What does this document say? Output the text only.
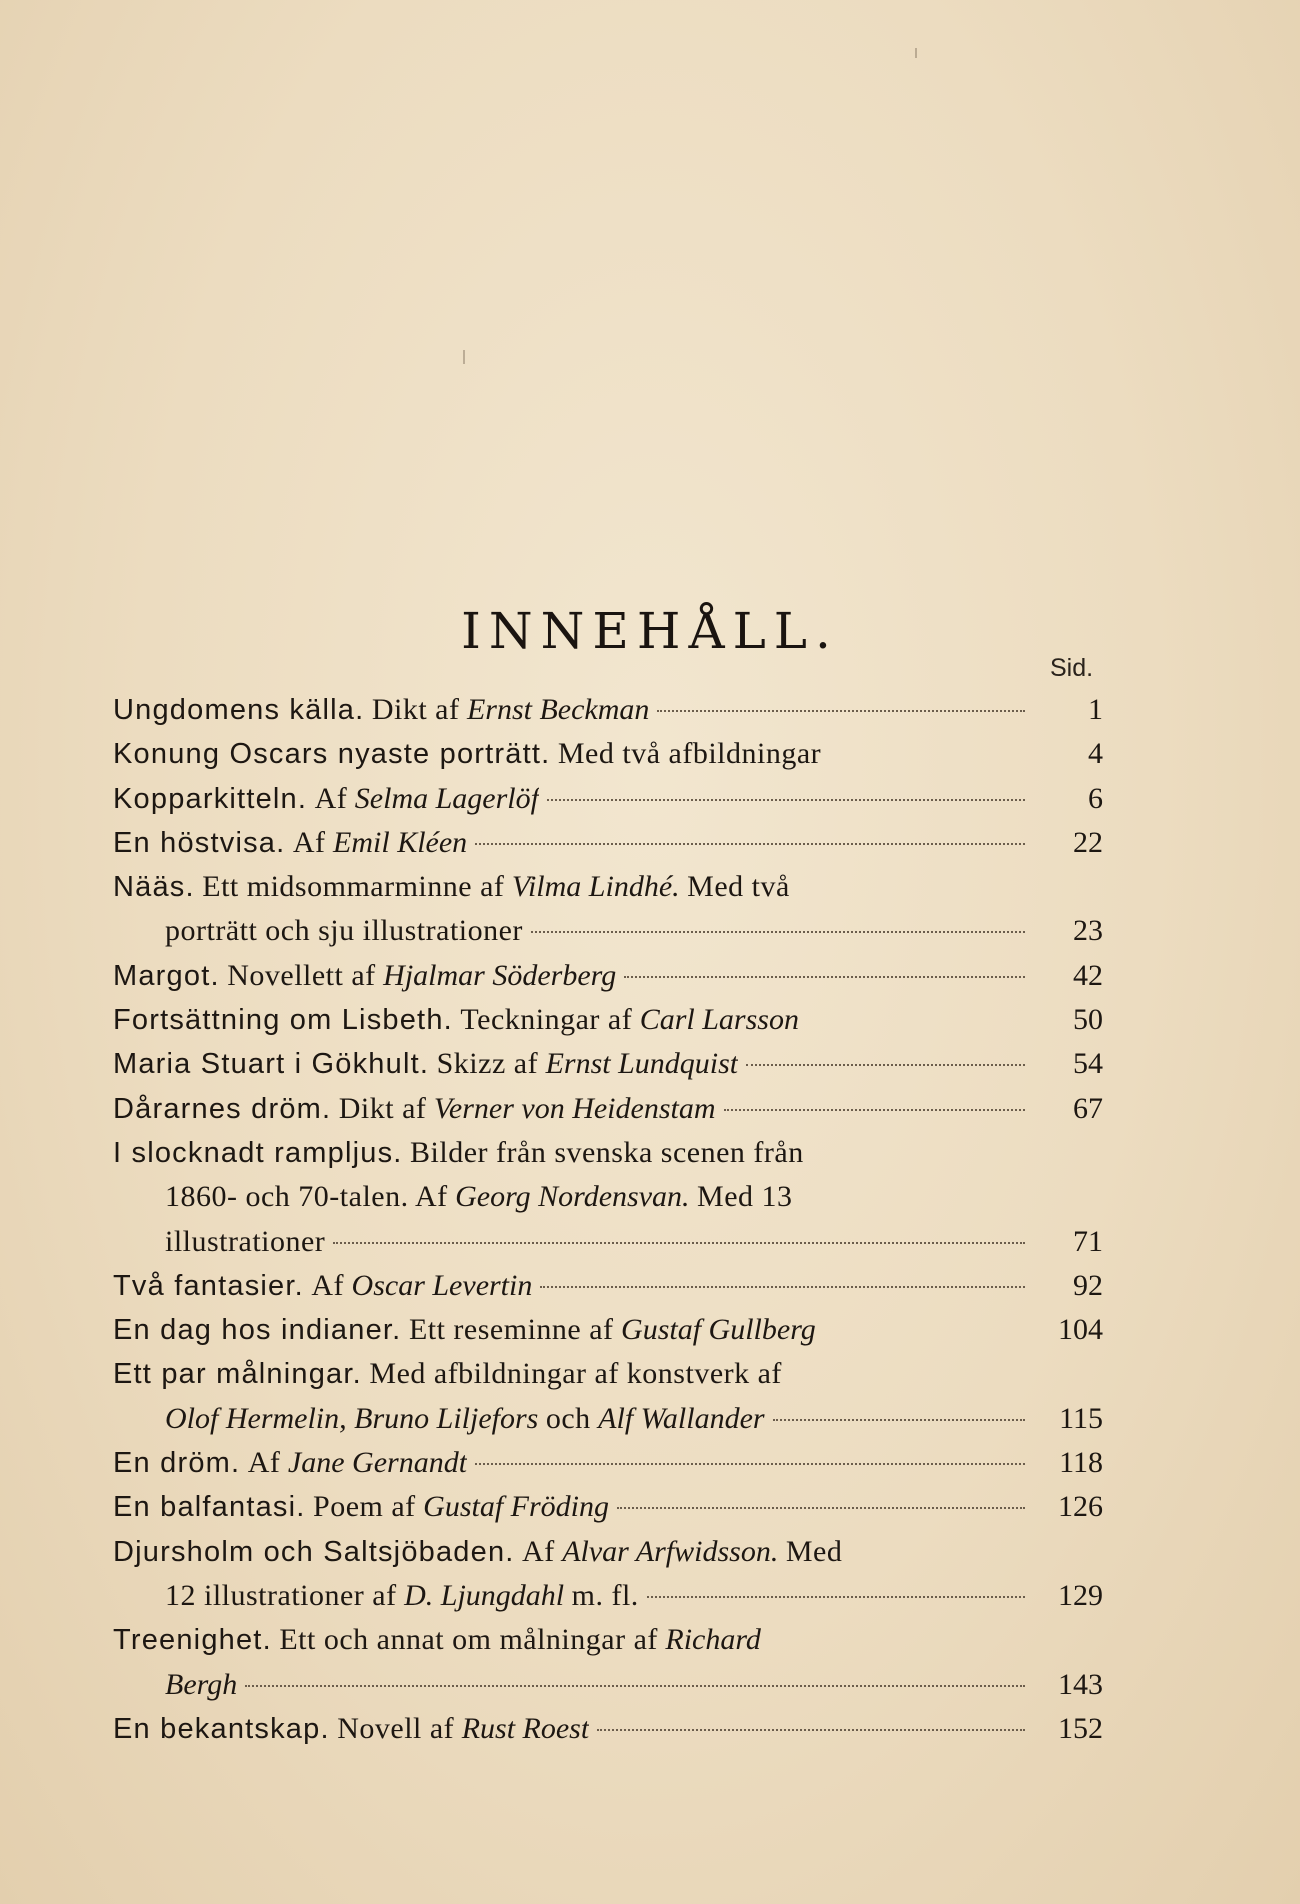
INNEHÅLL.
Sid.
Ungdomens källa. Dikt af Ernst Beckman	1
Konung Oscars nyaste porträtt. Med två afbildningar	4
Kopparkitteln. Af Selma Lagerlöf	6
En höstvisa. Af Emil Kléen	22
Nääs. Ett midsommarminne af Vilma Lindhé. Med två
porträtt och sju illustrationer	23
Margot. Novellett af Hjalmar Söderberg	42
Fortsättning om Lisbeth. Teckningar af Carl Larsson	50
Maria Stuart i Gökhult. Skizz af Ernst Lundquist	54
Dårarnes dröm. Dikt af Verner von Heidenstam	67
I slocknadt rampljus. Bilder från svenska scenen från
1860- och 70-talen. Af Georg Nordensvan. Med 13
illustrationer	71
Två fantasier. Af Oscar Levertin	92
En dag hos indianer. Ett reseminne af Gustaf Gullberg	104
Ett par målningar. Med afbildningar af konstverk af
Olof Hermelin, Bruno Liljefors och Alf Wallander	115
En dröm. Af Jane Gernandt	118
En balfantasi. Poem af Gustaf Fröding	126
Djursholm och Saltsjöbaden. Af Alvar Arfwidsson. Med
12 illustrationer af D. Ljungdahl m. fl.	129
Treenighet. Ett och annat om målningar af Richard
Bergh	143
En bekantskap. Novell af Rust Roest	152
